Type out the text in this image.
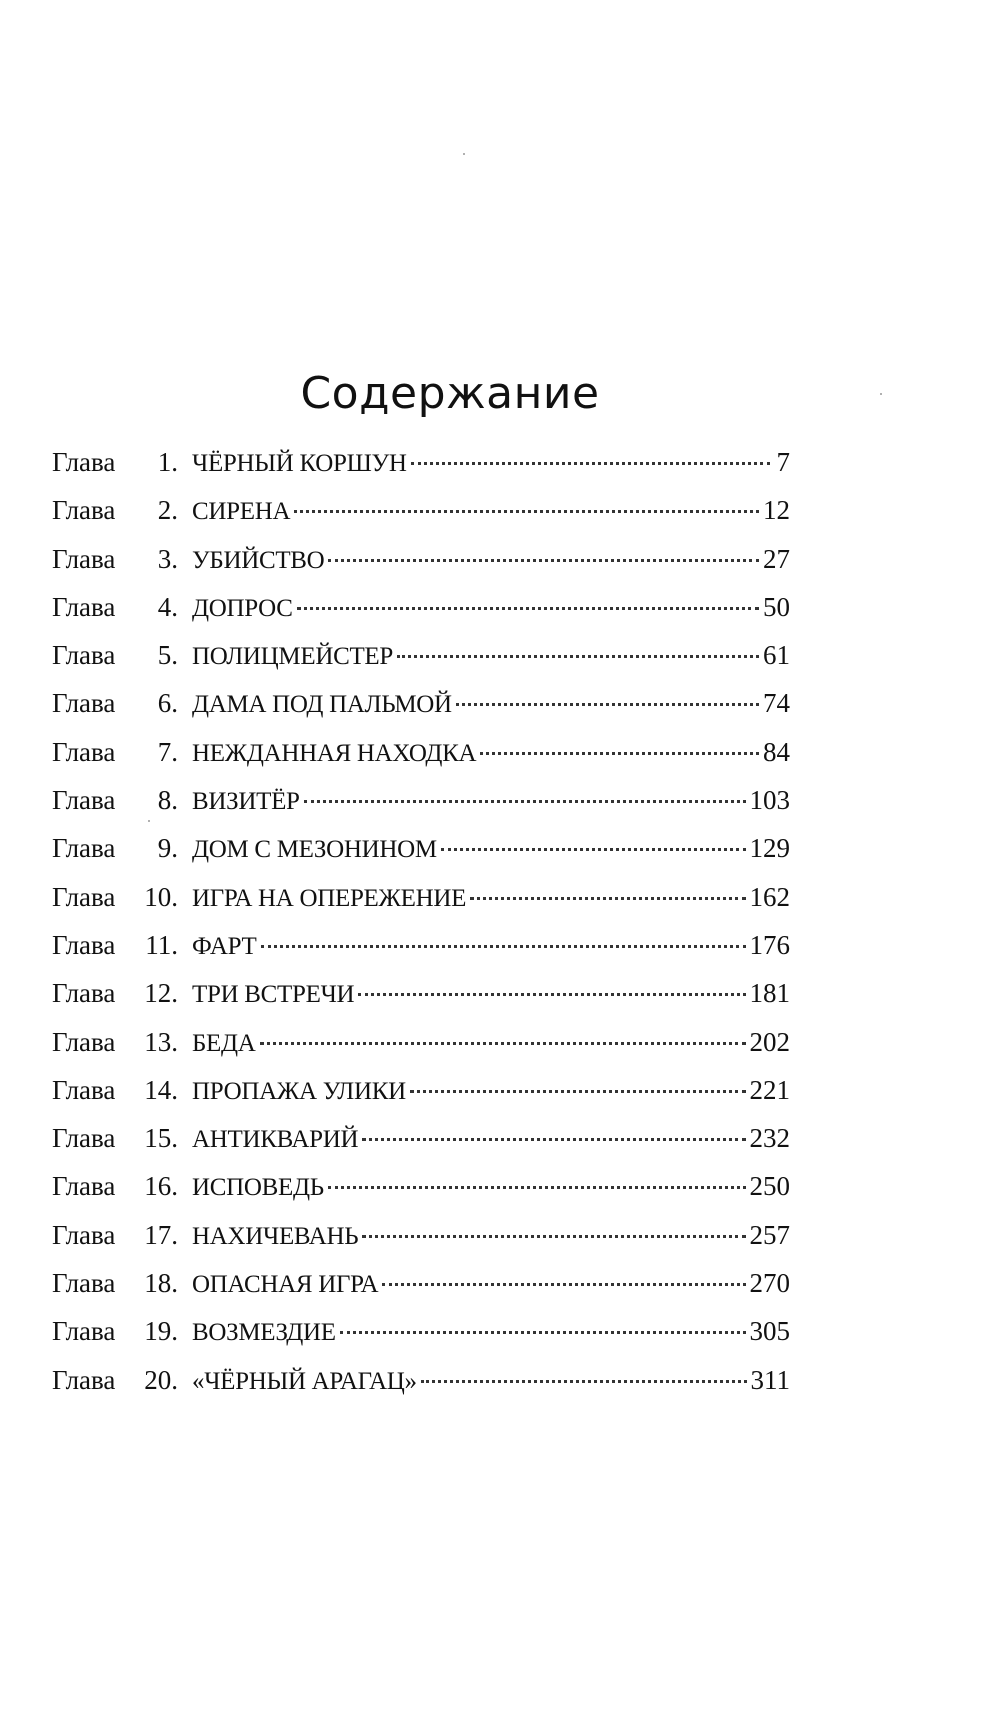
Содержание
Глава	1 . ЧЁРНЫЙ КОРШУН	7
Глава	2 . СИРЕНА	12
Глава	3 . УБИЙСТВО	27
Глава	4 . ДОПРОС	50
Глава	5 . ПОЛИЦМЕЙСТЕР	61
Глава	6 . ДАМА ПОД ПАЛЬМОЙ	74
Глава	7 . НЕЖДАННАЯ НАХОДКА	84
Глава	8 . ВИЗИТЁР	103
Глава	9 . ДОМ С МЕЗОНИНОМ	129
Глава	10 . ИГРА НА ОПЕРЕЖЕНИЕ	162
Глава	11 . ФАРТ	176
Глава	12 . ТРИ ВСТРЕЧИ	181
Глава	13 . БЕДА	202
Глава	14 . ПРОПАЖА УЛИКИ	221
Глава	15 . АНТИКВАРИЙ	232
Глава	16 . ИСПОВЕДЬ	250
Глава	17 . НАХИЧЕВАНЬ	257
Глава	18 . ОПАСНАЯ ИГРА	270
Глава	19 . ВОЗМЕЗДИЕ	305
Глава	20 . «ЧЁРНЫЙ АРАГАЦ»	311
